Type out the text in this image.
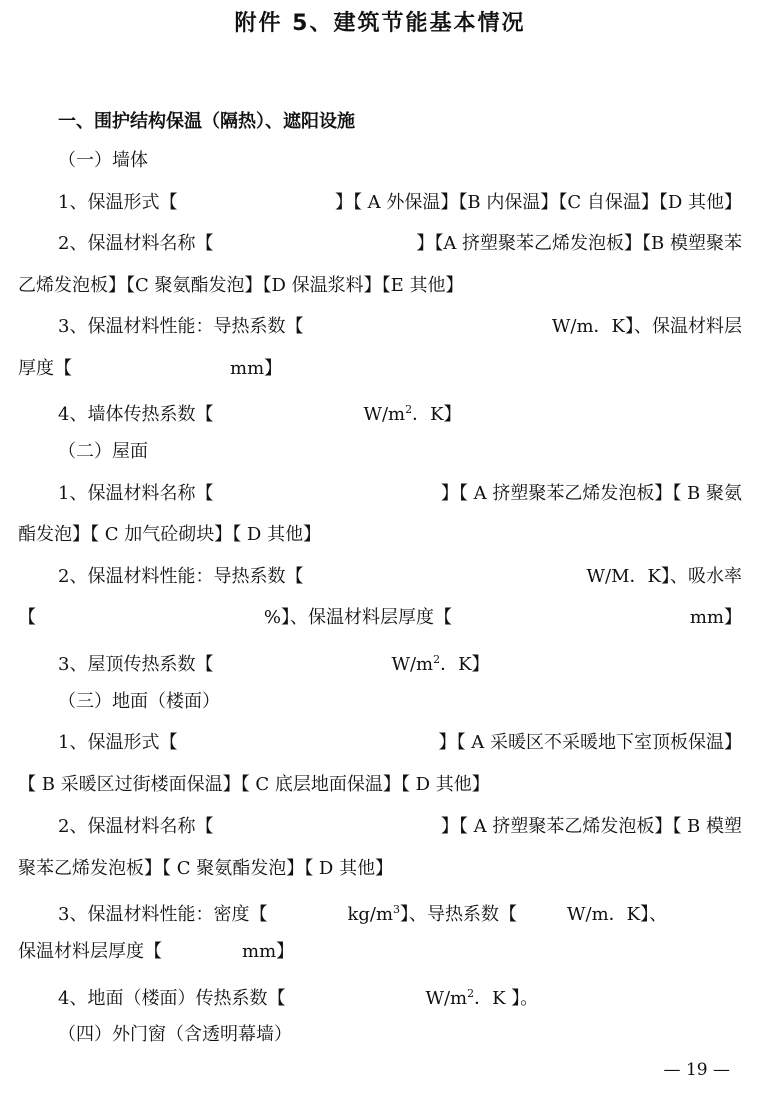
附件 5、建筑节能基本情况
一、围护结构保温（隔热）、遮阳设施
（一）墙体
1、保温形式【	】【 A 外保温】【B 内保温】【C 自保温】【D 其他】
2、保温材料名称【	】【A 挤塑聚苯乙烯发泡板】【B 模塑聚苯
乙烯发泡板】【C 聚氨酯发泡】【D 保温浆料】【E 其他】
3、保温材料性能：导热系数【	W/m．K】、保温材料层
厚度【	mm】
4、墙体传热系数【	$W/m^2$．K】
（二）屋面
1、保温材料名称【	】【 A 挤塑聚苯乙烯发泡板】【 B 聚氨
酯发泡】【 C 加气砼砌块】【 D 其他】
2、保温材料性能：导热系数【	W/M．K】、吸水率
【	%】、保温材料层厚度【	mm】
3、屋顶传热系数【	$W/m^2$．K】
（三）地面（楼面）
1、保温形式【	】【 A 采暖区不采暖地下室顶板保温】
【 B 采暖区过街楼面保温】【 C 底层地面保温】【 D 其他】
2、保温材料名称【	】【 A 挤塑聚苯乙烯发泡板】【 B 模塑
聚苯乙烯发泡板】【 C 聚氨酯发泡】【 D 其他】
3、保温材料性能：密度【	$kg/m^3$】、导热系数【	W/m．K】、
保温材料层厚度【	mm】
4、地面（楼面）传热系数【	$W/m^2$．K 】。
（四）外门窗（含透明幕墙）
— 19 —
